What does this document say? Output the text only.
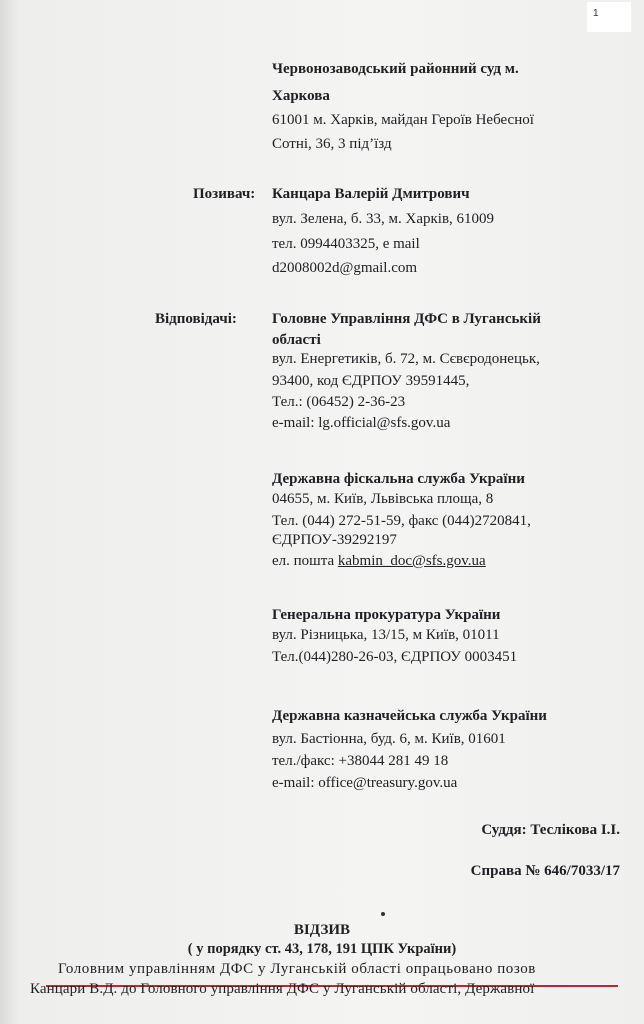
1
Червонозаводський районний суд м.
Харкова
61001 м. Харків, майдан Героїв Небесної
Сотні, 36, 3 під’їзд
Позивач: Канцара Валерій Дмитрович
вул. Зелена, б. 33, м. Харків, 61009
тел. 0994403325, e mail
d2008002d@gmail.com
Відповідачі: Головне Управління ДФС в Луганській
області
вул. Енергетиків, б. 72, м. Сєвєродонецьк,
93400, код ЄДРПОУ 39591445,
Тел.: (06452) 2-36-23
e-mail: lg.official@sfs.gov.ua
Державна фіскальна служба України
04655, м. Київ, Львівська площа, 8
Тел. (044) 272-51-59, факс (044)2720841,
ЄДРПОУ-39292197
ел. пошта kabmin_doc@sfs.gov.ua
Генеральна прокуратура України
вул. Різницька, 13/15, м Київ, 01011
Тел.(044)280-26-03, ЄДРПОУ 0003451
Державна казначейська служба України
вул. Бастіонна, буд. 6, м. Київ, 01601
тел./факс: +38044 281 49 18
e-mail: office@treasury.gov.ua
Суддя: Теслікова І.І.
Справа № 646/7033/17
ВІДЗИВ
( у порядку ст. 43, 178, 191 ЦПК України)
Головним управлінням ДФС у Луганській області опрацьовано позов
Канцари В.Д. до Головного управління ДФС у Луганській області, Державної
